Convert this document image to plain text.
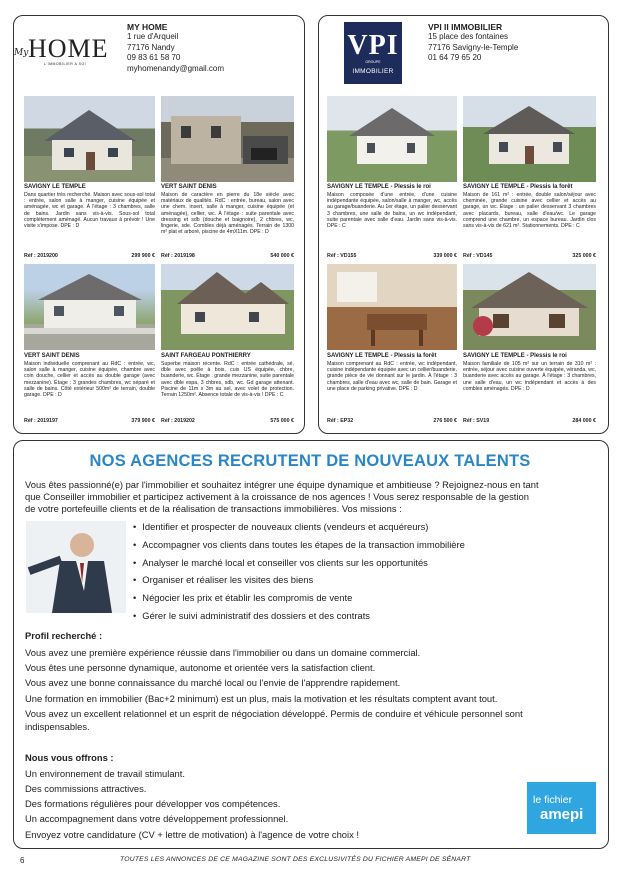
My HOME
L'IMMOBILIER A SOI
MY HOME
1 rue d'Arqueil
77176 Nandy
09 83 61 58 70
myhomenandy@gmail.com
VPI
GROUPE
IMMOBILIER
VPI II IMMOBILIER
15 place des fontaines
77176 Savigny-le-Temple
01 64 79 65 20
SAVIGNY LE TEMPLE
Dans quartier très recherché. Maison avec sous-sol total : entrée, salon salle à manger, cuisine équipée et aménagée, wc et garage. À l'étage : 3 chambres, salle de bains. Jardin sans vis-à-vis. Sous-sol total complètement aménagé. Aucun travaux à prévoir ! Une visite s'impose. DPE : D
Réf : 2019200	299 900 €
VERT SAINT DENIS
Maison de caractère en pierre du 18e siècle avec matériaux de qualités. RdC : entrée, bureau, salon avec une chem. insert, salle à manger, cuisine équipée (et aménagée), cellier, wc. À l'étage : suite parentale avec dressing et sdb (douche et baignoire), 2 chbres, wc, lingerie, sde. Combles déjà aménagés. Terrain de 1300 m² plat et arboré, piscine de 4mX11m. DPE : D
Réf : 2019198	540 000 €
SAVIGNY LE TEMPLE - Plessis le roi
Maison composée d'une entrée, d'une cuisine indépendante équipée, salon/salle à manger, wc, accès au garage/buanderie. Au 1er étage, un palier desservant 3 chambres, une salle de bains, un wc indépendant, suite parentale avec salle d'eau. Jardin sans vis-à-vis. DPE : C
Réf : VD155	339 000 €
SAVIGNY LE TEMPLE - Plessis la forêt
Maison de 161 m² : entrée, double salon/séjour avec cheminée, grande cuisine avec cellier et accès au garage, un wc. Étage : un palier desservant 3 chambres avec placards, bureau, salle d'eau/wc. Le garage comprend une chambre, un espace bureau. Jardin clos sans vis-à-vis de 621 m². Stationnements. DPE : C
Réf : VD145	325 000 €
VERT SAINT DENIS
Maison individuelle comprenant au RdC : entrée, wc, salon salle à manger, cuisine équipée, chambre avec coin douche, cellier et accès au double garage (avec mezzanine). Étage : 3 grandes chambres, wc séparé et salle de bains. Côté extérieur 500m² de terrain, double garage. DPE : D
Réf : 2019197	379 900 €
SAINT FARGEAU PONTHIERRY
Superbe maison récente. RdC : entrée cathédrale, sé, dble avec poêle à bois, cuis US équipée, chbre, buanderie, wc. Étage : grande mezzanine, suite parentale avec dble espa, 3 chbres, sdb, wc. Gd garage attenant. Piscine de 11m x 3m au sel, avec volet de protection. Terrain 1250m². Absence totale de vis-à-vis ! DPE : C
Réf : 2019202	575 000 €
SAVIGNY LE TEMPLE - Plessis la forêt
Maison comprenant au RdC : entrée, wc indépendant, cuisine indépendante équipée avec un cellier/buanderie, grande pièce de vie donnant sur le jardin. À l'étage : 3 chambres, salle d'eau avec wc, salle de bain. Garage et une place de parking privative. DPE : D
Réf : EP32	276 500 €
SAVIGNY LE TEMPLE - Plessis le roi
Maison familiale de 105 m² sur un terrain de 310 m² : entrée, séjour avec cuisine ouverte équipée, véranda, wc, buanderie avec accès au garage. À l'étage : 3 chambres, une salle d'eau, un wc indépendant et accès à des combles aménagés. DPE : D
Réf : SV19	284 000 €
NOS AGENCES RECRUTENT DE NOUVEAUX TALENTS
Vous êtes passionné(e) par l'immobilier et souhaitez intégrer une équipe dynamique et ambitieuse ? Rejoignez-nous en tant
que Conseiller immobilier et participez activement à la croissance de nos agences ! Vous serez responsable de la gestion
de votre portefeuille clients et de la réalisation de transactions immobilières. Vos missions :
• Identifier et prospecter de nouveaux clients (vendeurs et acquéreurs)
• Accompagner vos clients dans toutes les étapes de la transaction immobilière
• Analyser le marché local et conseiller vos clients sur les opportunités
• Organiser et réaliser les visites des biens
• Négocier les prix et établir les compromis de vente
• Gérer le suivi administratif des dossiers et des contrats
Profil recherché :
Vous avez une première expérience réussie dans l'immobilier ou dans un domaine commercial.
Vous êtes une personne dynamique, autonome et orientée vers la satisfaction client.
Vous avez une bonne connaissance du marché local ou l'envie de l'apprendre rapidement.
Une formation en immobilier (Bac+2 minimum) est un plus, mais la motivation et les résultats comptent avant tout.
Vous avez un excellent relationnel et un esprit de négociation développé. Permis de conduire et véhicule personnel sont
indispensables.
Nous vous offrons :
Un environnement de travail stimulant.
Des commissions attractives.
Des formations régulières pour développer vos compétences.
Un accompagnement dans votre développement professionnel.
Envoyez votre candidature (CV + lettre de motivation) à l'agence de votre choix !
le fichier
amepi
6	TOUTES LES ANNONCES DE CE MAGAZINE SONT DES EXCLUSIVITÉS DU FICHIER AMEPI DE SÉNART
